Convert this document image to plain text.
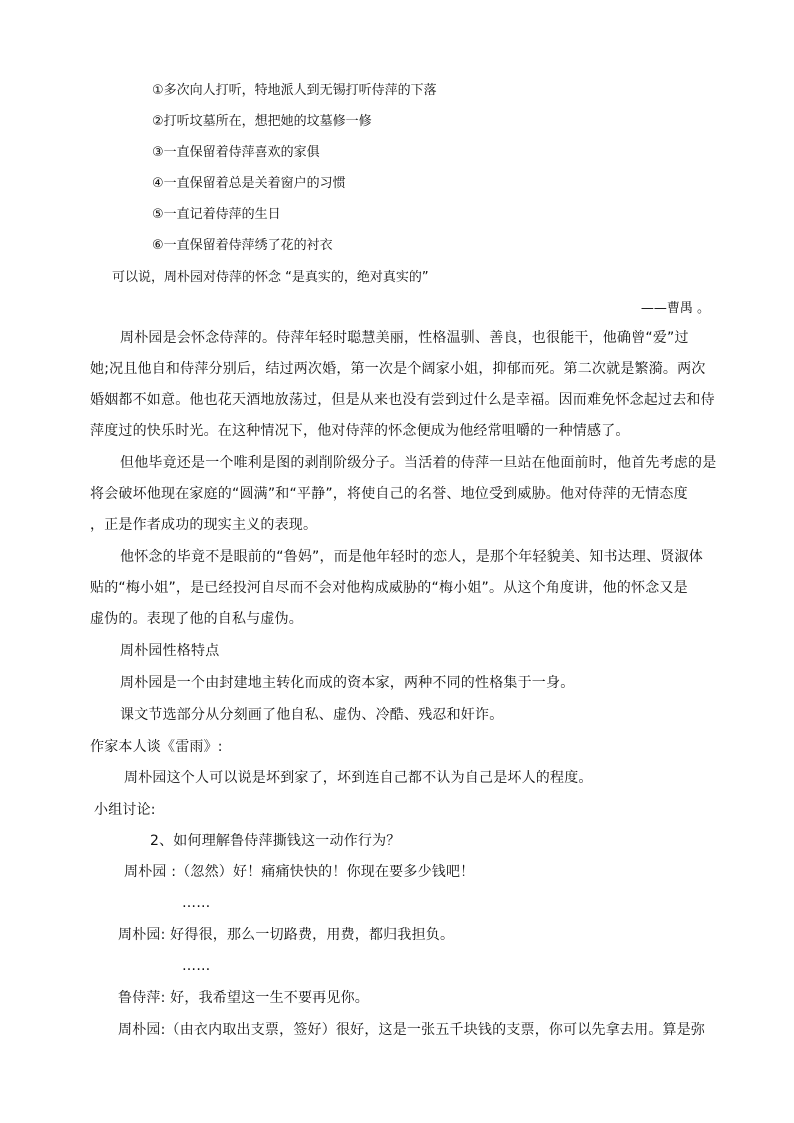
①多次向人打听，特地派人到无锡打听侍萍的下落
②打听坟墓所在，想把她的坟墓修一修
③一直保留着侍萍喜欢的家俱
④一直保留着总是关着窗户的习惯
⑤一直记着侍萍的生日
⑥一直保留着侍萍绣了花的衬衣
可以说，周朴园对侍萍的怀念 “是真实的，绝对真实的”
——曹禺 。
周朴园是会怀念侍萍的。侍萍年轻时聪慧美丽，性格温驯、善良，也很能干，他确曾“爱”过
她;况且他自和侍萍分别后，结过两次婚，第一次是个阔家小姐，抑郁而死。第二次就是繁漪。两次
婚姻都不如意。他也花天酒地放荡过，但是从来也没有尝到过什么是幸福。因而难免怀念起过去和侍
萍度过的快乐时光。在这种情况下，他对侍萍的怀念便成为他经常咀嚼的一种情感了。
但他毕竟还是一个唯利是图的剥削阶级分子。当活着的侍萍一旦站在他面前时，他首先考虑的是
将会破坏他现在家庭的“圆满”和“平静”，将使自己的名誉、地位受到威胁。他对侍萍的无情态度
，正是作者成功的现实主义的表现。
他怀念的毕竟不是眼前的“鲁妈”，而是他年轻时的恋人，是那个年轻貌美、知书达理、贤淑体
贴的“梅小姐”，是已经投河自尽而不会对他构成威胁的“梅小姐”。从这个角度讲，他的怀念又是
虚伪的。表现了他的自私与虚伪。
周朴园性格特点
周朴园是一个由封建地主转化而成的资本家，两种不同的性格集于一身。
课文节选部分从分刻画了他自私、虚伪、冷酷、残忍和奸诈。
作家本人谈《雷雨》:
周朴园这个人可以说是坏到家了，坏到连自己都不认为自己是坏人的程度。
小组讨论:
2、如何理解鲁侍萍撕钱这一动作行为？
周朴园 :（忽然）好！痛痛快快的！你现在要多少钱吧！
……
周朴园: 好得很，那么一切路费，用费，都归我担负。
……
鲁侍萍: 好，我希望这一生不要再见你。
周朴园:（由衣内取出支票，签好）很好，这是一张五千块钱的支票，你可以先拿去用。算是弥
